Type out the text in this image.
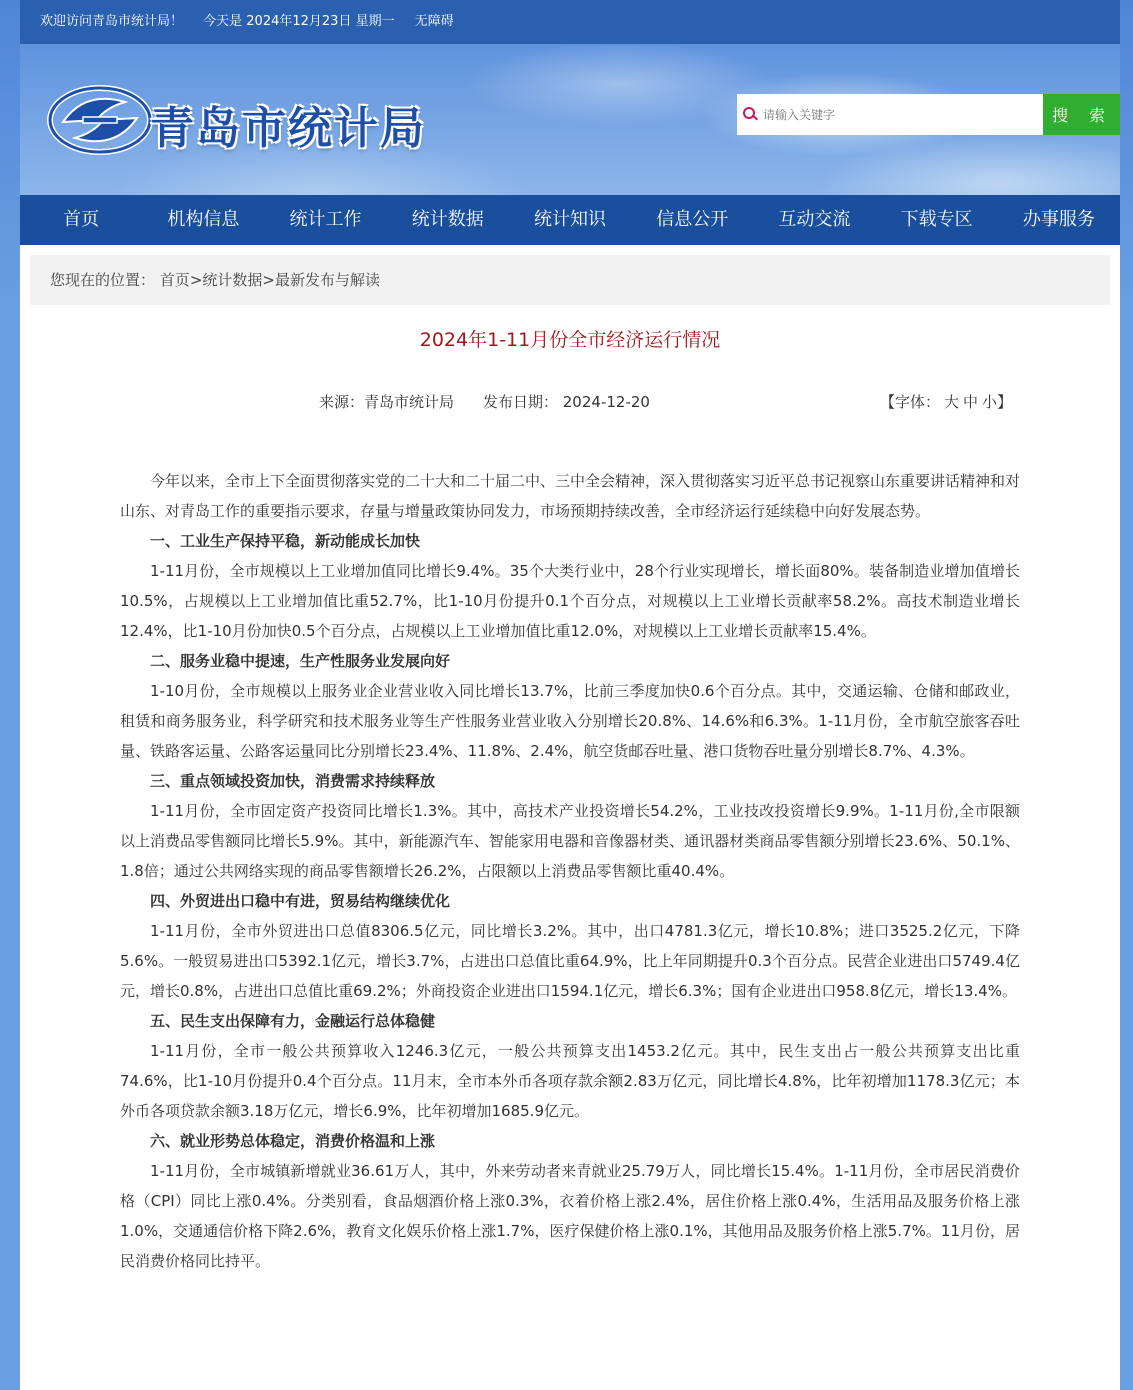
欢迎访问青岛市统计局！ 今天是 2024年12月23日 星期一 无障碍
青岛市统计局
请输入关键字	搜 索
首页	机构信息	统计工作	统计数据	统计知识	信息公开	互动交流	下载专区	办事服务
您现在的位置： 首页>统计数据>最新发布与解读
2024年1-11月份全市经济运行情况
来源：青岛市统计局 发布日期： 2024-12-20	【字体： 大 中 小】

今年以来，全市上下全面贯彻落实党的二十大和二十届二中、三中全会精神，深入贯彻落实习近平总书记视察山东重要讲话精神和对山东、对青岛工作的重要指示要求，存量与增量政策协同发力，市场预期持续改善，全市经济运行延续稳中向好发展态势。

一、工业生产保持平稳，新动能成长加快

1-11月份，全市规模以上工业增加值同比增长9.4%。35个大类行业中，28个行业实现增长，增长面80%。装备制造业增加值增长10.5%，占规模以上工业增加值比重52.7%，比1-10月份提升0.1个百分点，对规模以上工业增长贡献率58.2%。高技术制造业增长12.4%，比1-10月份加快0.5个百分点，占规模以上工业增加值比重12.0%，对规模以上工业增长贡献率15.4%。

二、服务业稳中提速，生产性服务业发展向好

1-10月份，全市规模以上服务业企业营业收入同比增长13.7%，比前三季度加快0.6个百分点。其中，交通运输、仓储和邮政业，租赁和商务服务业，科学研究和技术服务业等生产性服务业营业收入分别增长20.8%、14.6%和6.3%。1-11月份，全市航空旅客吞吐量、铁路客运量、公路客运量同比分别增长23.4%、11.8%、2.4%，航空货邮吞吐量、港口货物吞吐量分别增长8.7%、4.3%。

三、重点领域投资加快，消费需求持续释放

1-11月份，全市固定资产投资同比增长1.3%。其中，高技术产业投资增长54.2%，工业技改投资增长9.9%。1-11月份,全市限额以上消费品零售额同比增长5.9%。其中，新能源汽车、智能家用电器和音像器材类、通讯器材类商品零售额分别增长23.6%、50.1%、1.8倍；通过公共网络实现的商品零售额增长26.2%，占限额以上消费品零售额比重40.4%。

四、外贸进出口稳中有进，贸易结构继续优化

1-11月份，全市外贸进出口总值8306.5亿元，同比增长3.2%。其中，出口4781.3亿元，增长10.8%；进口3525.2亿元，下降5.6%。一般贸易进出口5392.1亿元，增长3.7%，占进出口总值比重64.9%，比上年同期提升0.3个百分点。民营企业进出口5749.4亿元，增长0.8%，占进出口总值比重69.2%；外商投资企业进出口1594.1亿元，增长6.3%；国有企业进出口958.8亿元，增长13.4%。

五、民生支出保障有力，金融运行总体稳健

1-11月份，全市一般公共预算收入1246.3亿元，一般公共预算支出1453.2亿元。其中，民生支出占一般公共预算支出比重74.6%，比1-10月份提升0.4个百分点。11月末，全市本外币各项存款余额2.83万亿元，同比增长4.8%，比年初增加1178.3亿元；本外币各项贷款余额3.18万亿元，增长6.9%，比年初增加1685.9亿元。

六、就业形势总体稳定，消费价格温和上涨

1-11月份，全市城镇新增就业36.61万人，其中，外来劳动者来青就业25.79万人，同比增长15.4%。1-11月份，全市居民消费价格（CPI）同比上涨0.4%。分类别看，食品烟酒价格上涨0.3%，衣着价格上涨2.4%，居住价格上涨0.4%，生活用品及服务价格上涨1.0%，交通通信价格下降2.6%，教育文化娱乐价格上涨1.7%，医疗保健价格上涨0.1%，其他用品及服务价格上涨5.7%。11月份，居民消费价格同比持平。
